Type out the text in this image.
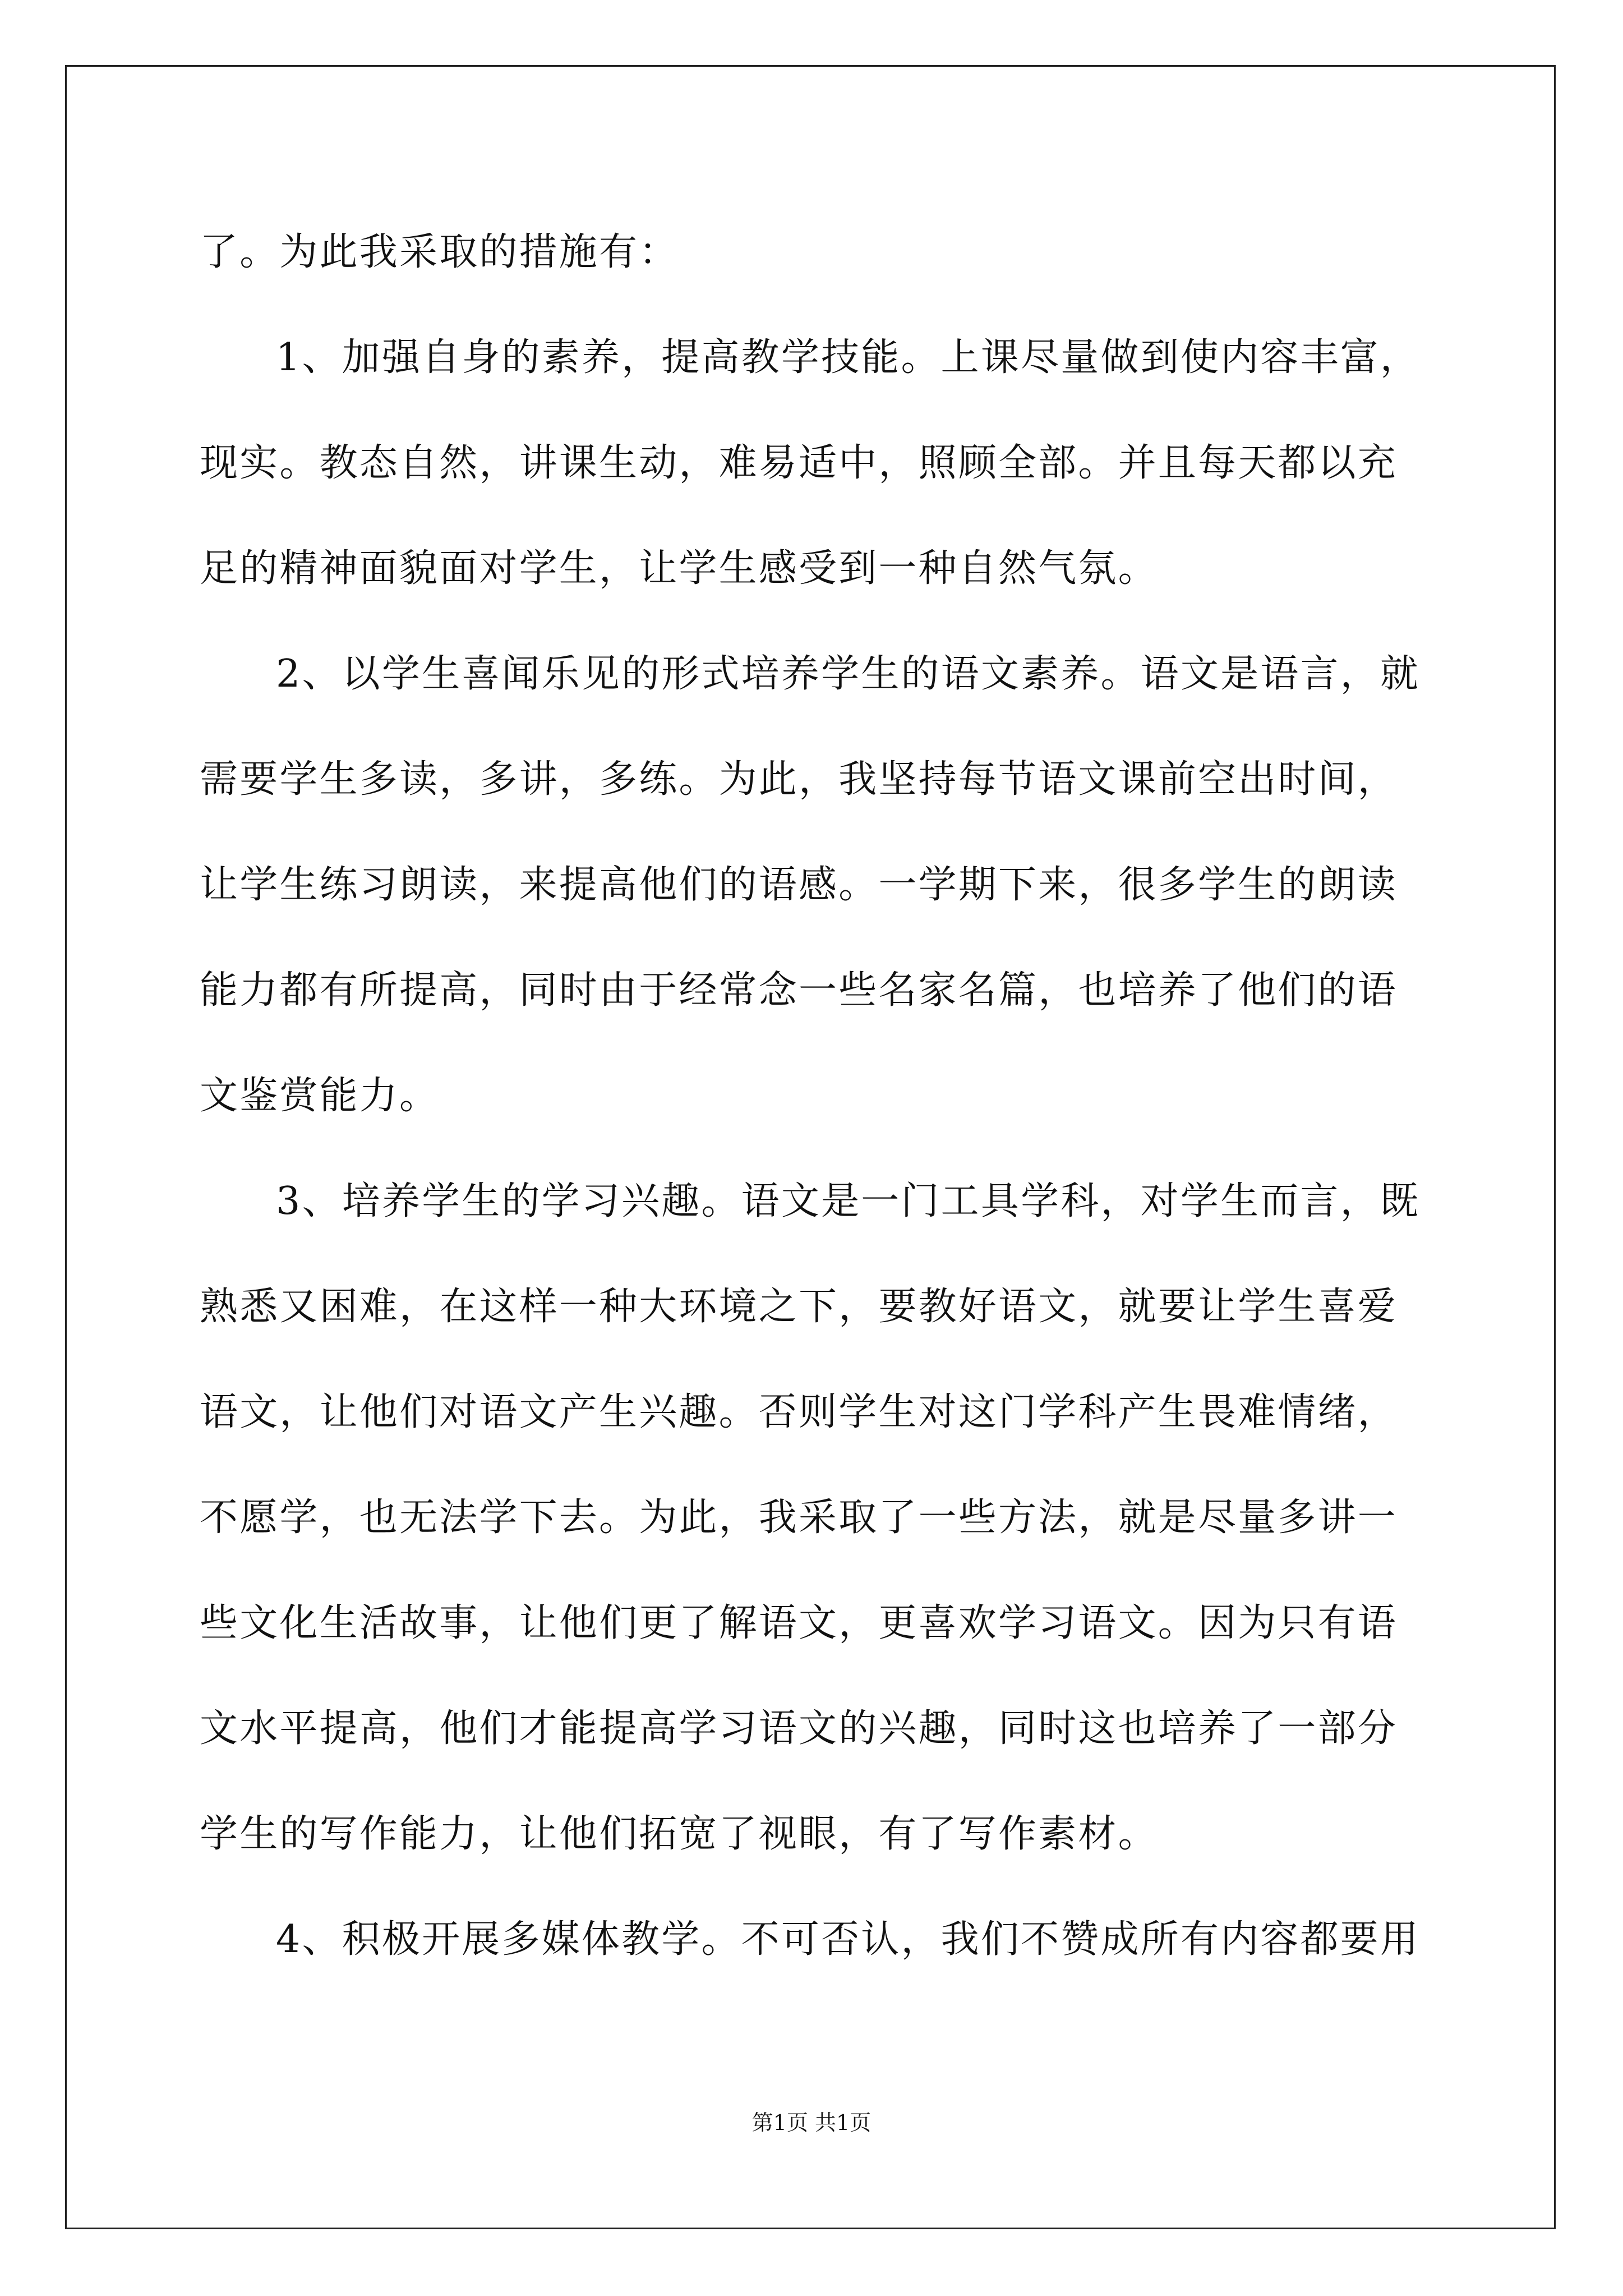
了。为此我采取的措施有：
1、加强自身的素养，提高教学技能。上课尽量做到使内容丰富，
现实。教态自然，讲课生动，难易适中，照顾全部。并且每天都以充
足的精神面貌面对学生，让学生感受到一种自然气氛。
2、以学生喜闻乐见的形式培养学生的语文素养。语文是语言，就
需要学生多读，多讲，多练。为此，我坚持每节语文课前空出时间，
让学生练习朗读，来提高他们的语感。一学期下来，很多学生的朗读
能力都有所提高，同时由于经常念一些名家名篇，也培养了他们的语
文鉴赏能力。
3、培养学生的学习兴趣。语文是一门工具学科，对学生而言，既
熟悉又困难，在这样一种大环境之下，要教好语文，就要让学生喜爱
语文，让他们对语文产生兴趣。否则学生对这门学科产生畏难情绪，
不愿学，也无法学下去。为此，我采取了一些方法，就是尽量多讲一
些文化生活故事，让他们更了解语文，更喜欢学习语文。因为只有语
文水平提高，他们才能提高学习语文的兴趣，同时这也培养了一部分
学生的写作能力，让他们拓宽了视眼，有了写作素材。
4、积极开展多媒体教学。不可否认，我们不赞成所有内容都要用
第1页 共1页
